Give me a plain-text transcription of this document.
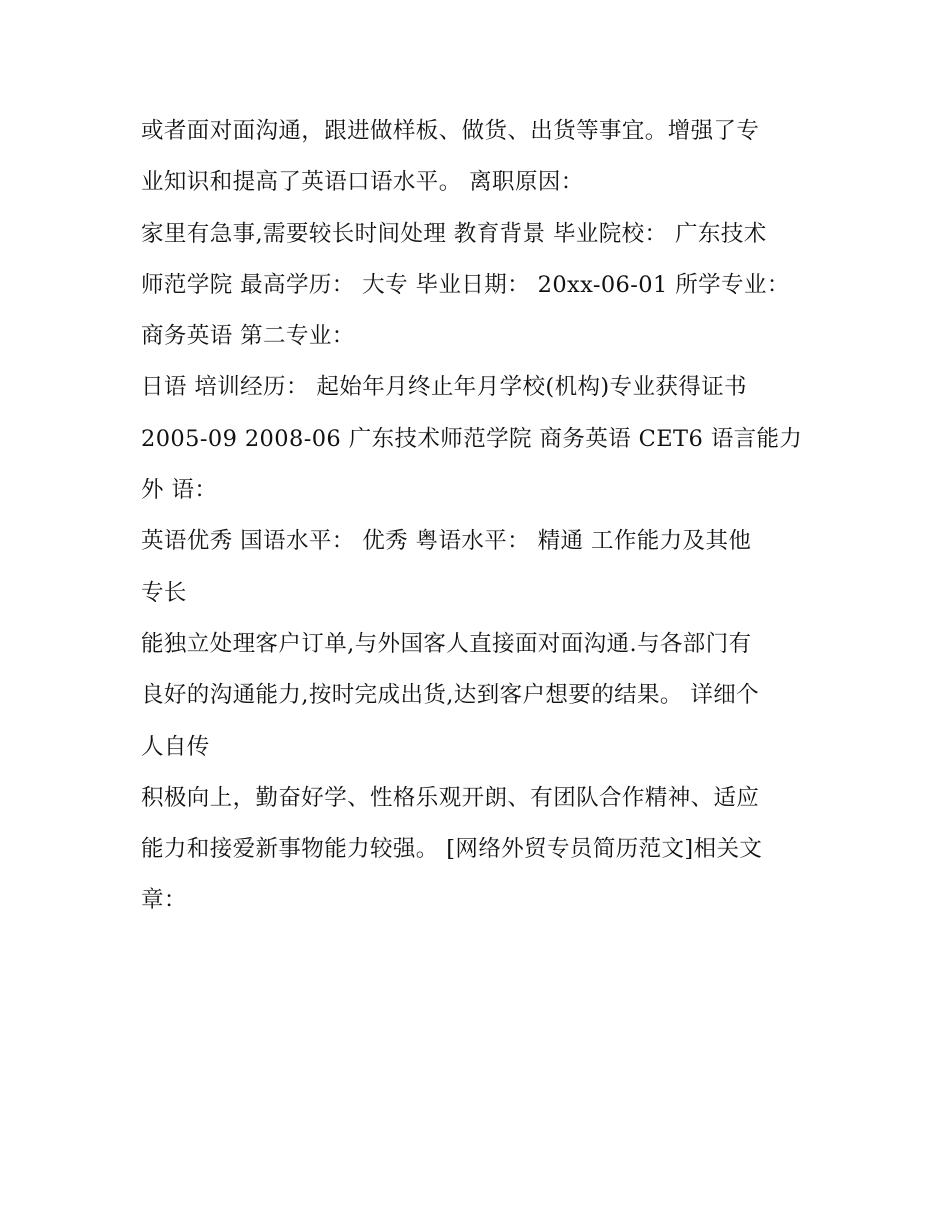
或者面对面沟通，跟进做样板、做货、出货等事宜。增强了专
业知识和提高了英语口语水平。 离职原因：
家里有急事,需要较长时间处理 教育背景 毕业院校： 广东技术
师范学院 最高学历： 大专 毕业日期： 20xx-06-01 所学专业：
商务英语 第二专业：
日语 培训经历： 起始年月终止年月学校(机构)专业获得证书
2005-09 2008-06 广东技术师范学院 商务英语 CET6 语言能力
外 语：
英语优秀 国语水平： 优秀 粤语水平： 精通 工作能力及其他
专长
能独立处理客户订单,与外国客人直接面对面沟通.与各部门有
良好的沟通能力,按时完成出货,达到客户想要的结果。 详细个
人自传
积极向上，勤奋好学、性格乐观开朗、有团队合作精神、适应
能力和接爱新事物能力较强。 [网络外贸专员简历范文]相关文
章：
